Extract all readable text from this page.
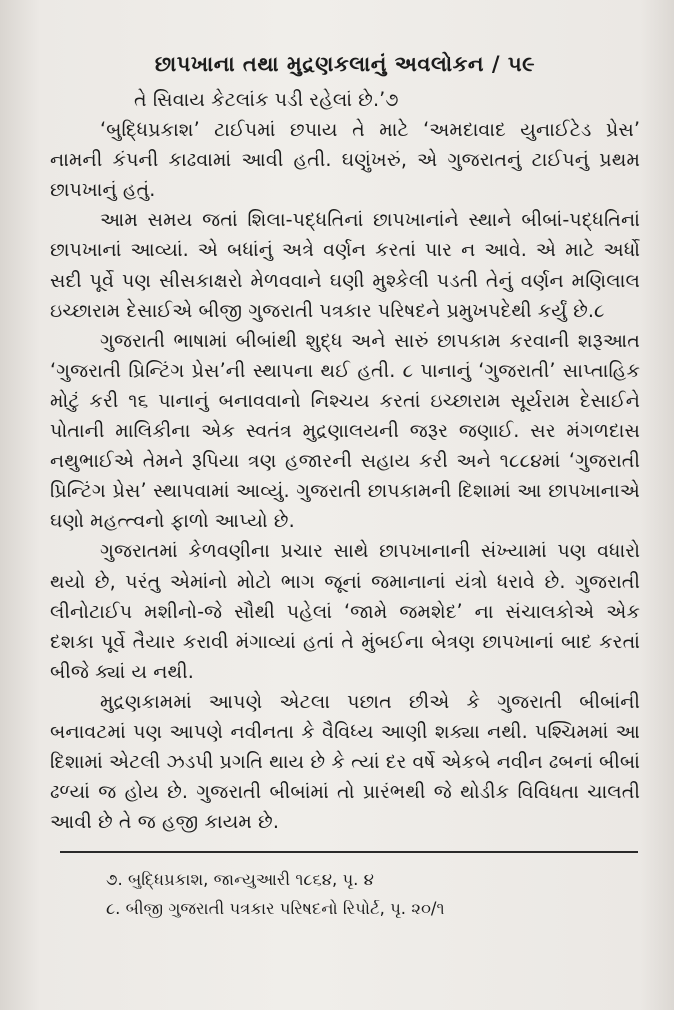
છાપખાના તથા મુદ્રણકલાનું અવલોકન / ૫૯

તે સિવાય કેટલાંક પડી રહેલાં છે.’૭

‘બુદ્ધિપ્રકાશ’ ટાઈપમાં છપાય તે માટે ‘અમદાવાદ યુનાઈટેડ પ્રેસ’ નામની કંપની કાઢવામાં આવી હતી. ઘણુંખરું, એ ગુજરાતનું ટાઈપનું પ્રથમ છાપખાનું હતું.

આમ સમય જતાં શિલા-પદ્ધતિનાં છાપખાનાંને સ્થાને બીબાં-પદ્ધતિનાં છાપખાનાં આવ્યાં. એ બધાંનું અત્રે વર્ણન કરતાં પાર ન આવે. એ માટે અર્ધો સદી પૂર્વે પણ સીસકાક્ષરો મેળવવાને ઘણી મુશ્કેલી પડતી તેનું વર્ણન મણિલાલ ઇચ્છારામ દેસાઈએ બીજી ગુજરાતી પત્રકાર પરિષદને પ્રમુખપદેથી કર્યું છે.૮

ગુજરાતી ભાષામાં બીબાંથી શુદ્ધ અને સારું છાપકામ કરવાની શરૂઆત ‘ગુજરાતી પ્રિન્ટિંગ પ્રેસ’ની સ્થાપના થઈ હતી. ૮ પાનાનું ‘ગુજરાતી’ સાપ્તાહિક મોટું કરી ૧૬ પાનાનું બનાવવાનો નિશ્ચય કરતાં ઇચ્છારામ સૂર્યરામ દેસાઈને પોતાની માલિકીના એક સ્વતંત્ર મુદ્રણાલયની જરૂર જણાઈ. સર મંગળદાસ નથુભાઈએ તેમને રૂપિયા ત્રણ હજારની સહાય કરી અને ૧૮૮૪માં ‘ગુજરાતી પ્રિન્ટિંગ પ્રેસ’ સ્થાપવામાં આવ્યું. ગુજરાતી છાપકામની દિશામાં આ છાપખાનાએ ઘણો મહત્ત્વનો ફાળો આપ્યો છે.

ગુજરાતમાં કેળવણીના પ્રચાર સાથે છાપખાનાની સંખ્યામાં પણ વધારો થયો છે, પરંતુ એમાંનો મોટો ભાગ જૂનાં જમાનાનાં યંત્રો ધરાવે છે. ગુજરાતી લીનોટાઈપ મશીનો-જે સૌથી પહેલાં ‘જામે જમશેદ’ ના સંચાલકોએ એક દશકા પૂર્વે તૈયાર કરાવી મંગાવ્યાં હતાં તે મુંબઈના બેત્રણ છાપખાનાં બાદ કરતાં બીજે ક્યાં ય નથી.

મુદ્રણકામમાં આપણે એટલા પછાત છીએ કે ગુજરાતી બીબાંની બનાવટમાં પણ આપણે નવીનતા કે વૈવિધ્ય આણી શક્યા નથી. પશ્ચિમમાં આ દિશામાં એટલી ઝડપી પ્રગતિ થાય છે કે ત્યાં દર વર્ષે એકબે નવીન ઢબનાં બીબાં ઢળ્યાં જ હોય છે. ગુજરાતી બીબાંમાં તો પ્રારંભથી જે થોડીક વિવિધતા ચાલતી આવી છે તે જ હજી કાયમ છે.

૭. બુદ્ધિપ્રકાશ, જાન્યુઆરી ૧૮૬૪, પૃ. ૪

૮. બીજી ગુજરાતી પત્રકાર પરિષદનો રિપોર્ટ, પૃ. ૨૦/૧
